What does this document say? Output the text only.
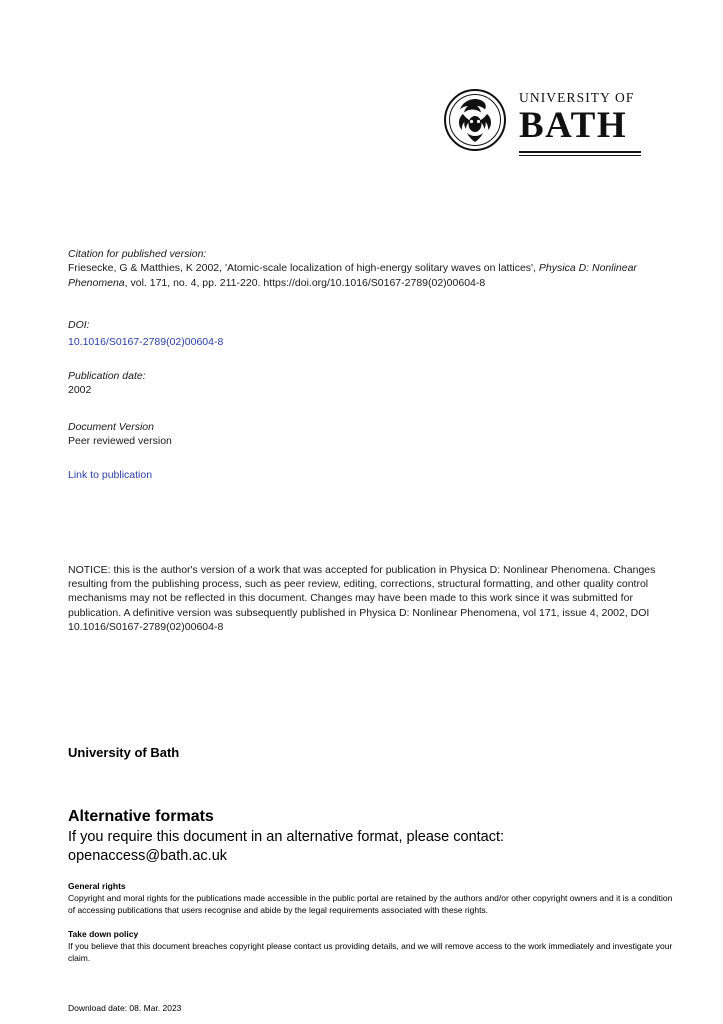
UNIVERSITY OF
BATH
Citation for published version:
Friesecke, G & Matthies, K 2002, 'Atomic-scale localization of high-energy solitary waves on lattices', Physica D: Nonlinear Phenomena, vol. 171, no. 4, pp. 211-220. https://doi.org/10.1016/S0167-2789(02)00604-8
DOI:
10.1016/S0167-2789(02)00604-8
Publication date:
2002
Document Version
Peer reviewed version
Link to publication
NOTICE: this is the author's version of a work that was accepted for publication in Physica D: Nonlinear Phenomena. Changes resulting from the publishing process, such as peer review, editing, corrections, structural formatting, and other quality control mechanisms may not be reflected in this document. Changes may have been made to this work since it was submitted for publication. A definitive version was subsequently published in Physica D: Nonlinear Phenomena, vol 171, issue 4, 2002, DOI 10.1016/S0167-2789(02)00604-8
University of Bath
Alternative formats
If you require this document in an alternative format, please contact:
openaccess@bath.ac.uk
General rights
Copyright and moral rights for the publications made accessible in the public portal are retained by the authors and/or other copyright owners and it is a condition of accessing publications that users recognise and abide by the legal requirements associated with these rights.
Take down policy
If you believe that this document breaches copyright please contact us providing details, and we will remove access to the work immediately and investigate your claim.
Download date: 08. Mar. 2023
